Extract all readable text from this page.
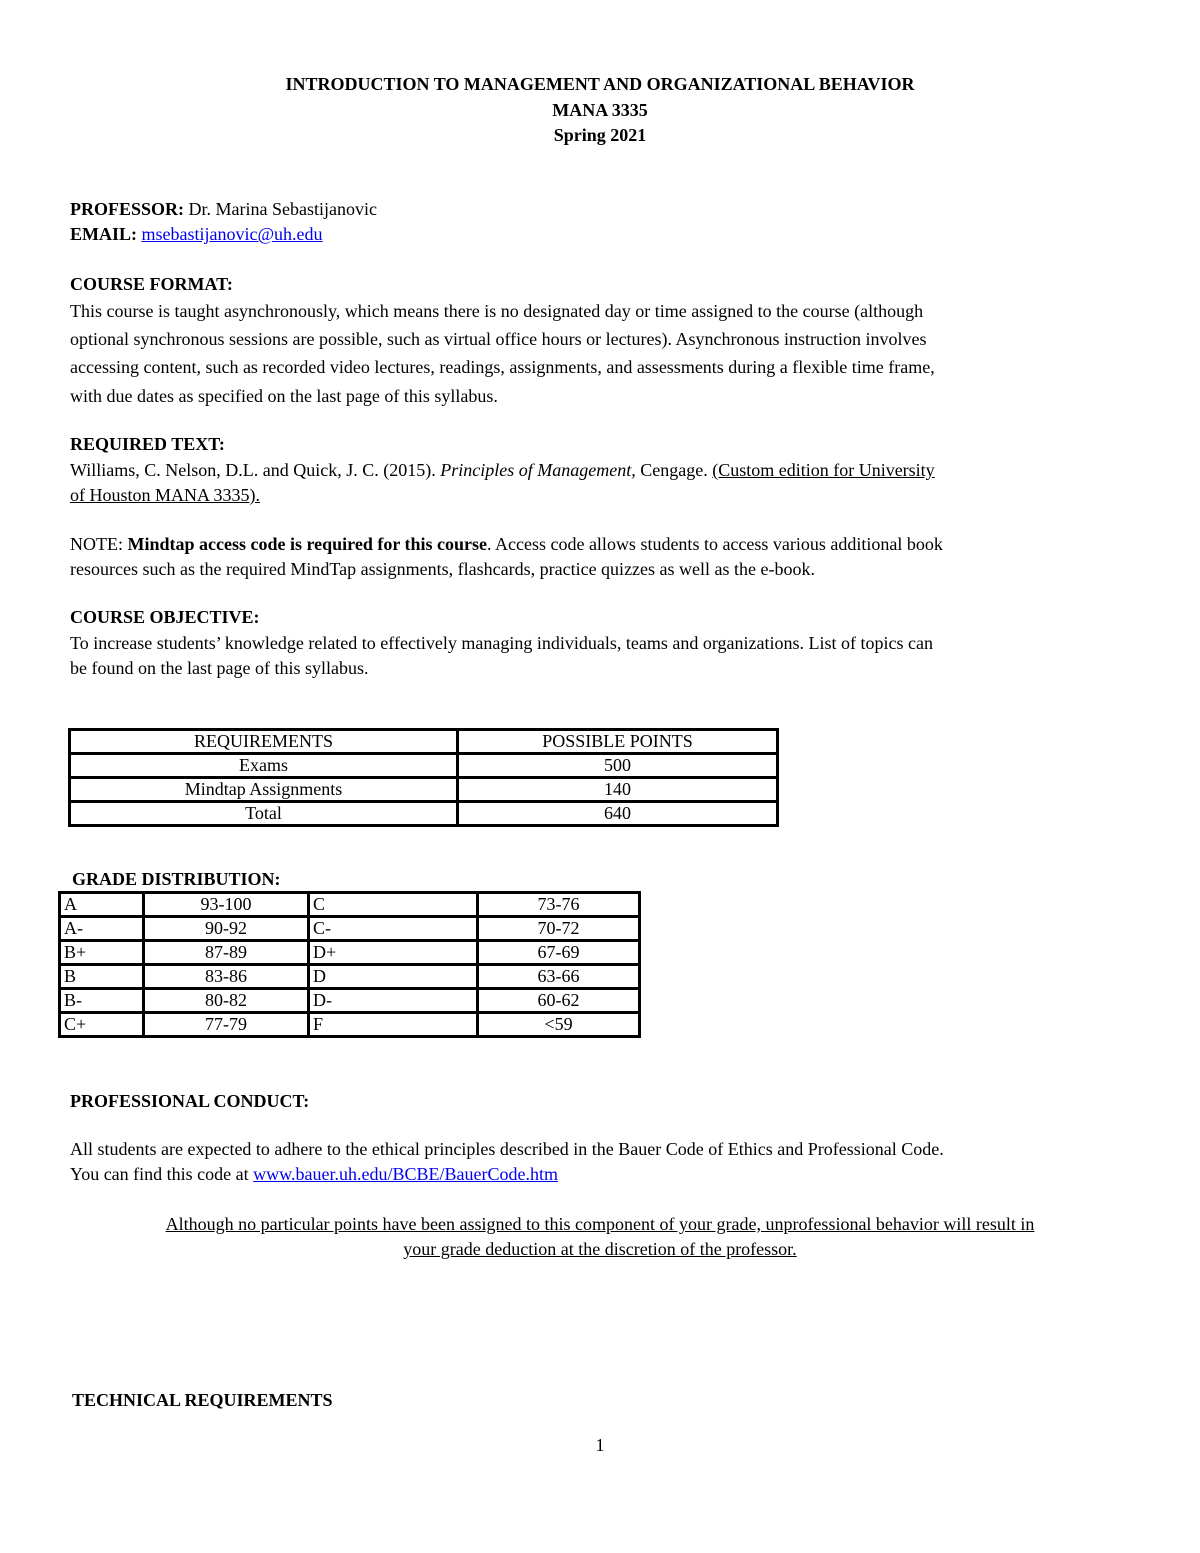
INTRODUCTION TO MANAGEMENT AND ORGANIZATIONAL BEHAVIOR
MANA 3335
Spring 2021
PROFESSOR: Dr. Marina Sebastijanovic
EMAIL: msebastijanovic@uh.edu
COURSE FORMAT:
This course is taught asynchronously, which means there is no designated day or time assigned to the course (although
optional synchronous sessions are possible, such as virtual office hours or lectures). Asynchronous instruction involves
accessing content, such as recorded video lectures, readings, assignments, and assessments during a flexible time frame,
with due dates as specified on the last page of this syllabus.
REQUIRED TEXT:
Williams, C. Nelson, D.L. and Quick, J. C. (2015). Principles of Management, Cengage. (Custom edition for University
of Houston MANA 3335).
NOTE: Mindtap access code is required for this course. Access code allows students to access various additional book
resources such as the required MindTap assignments, flashcards, practice quizzes as well as the e-book.
COURSE OBJECTIVE:
To increase students’ knowledge related to effectively managing individuals, teams and organizations. List of topics can
be found on the last page of this syllabus.
REQUIREMENTS	POSSIBLE POINTS
Exams	500
Mindtap Assignments	140
Total	640
GRADE DISTRIBUTION:
A	93-100	C	73-76
A-	90-92	C-	70-72
B+	87-89	D+	67-69
B	83-86	D	63-66
B-	80-82	D-	60-62
C+	77-79	F	<59
PROFESSIONAL CONDUCT:
All students are expected to adhere to the ethical principles described in the Bauer Code of Ethics and Professional Code.
You can find this code at www.bauer.uh.edu/BCBE/BauerCode.htm
Although no particular points have been assigned to this component of your grade, unprofessional behavior will result in
your grade deduction at the discretion of the professor.
TECHNICAL REQUIREMENTS
1
